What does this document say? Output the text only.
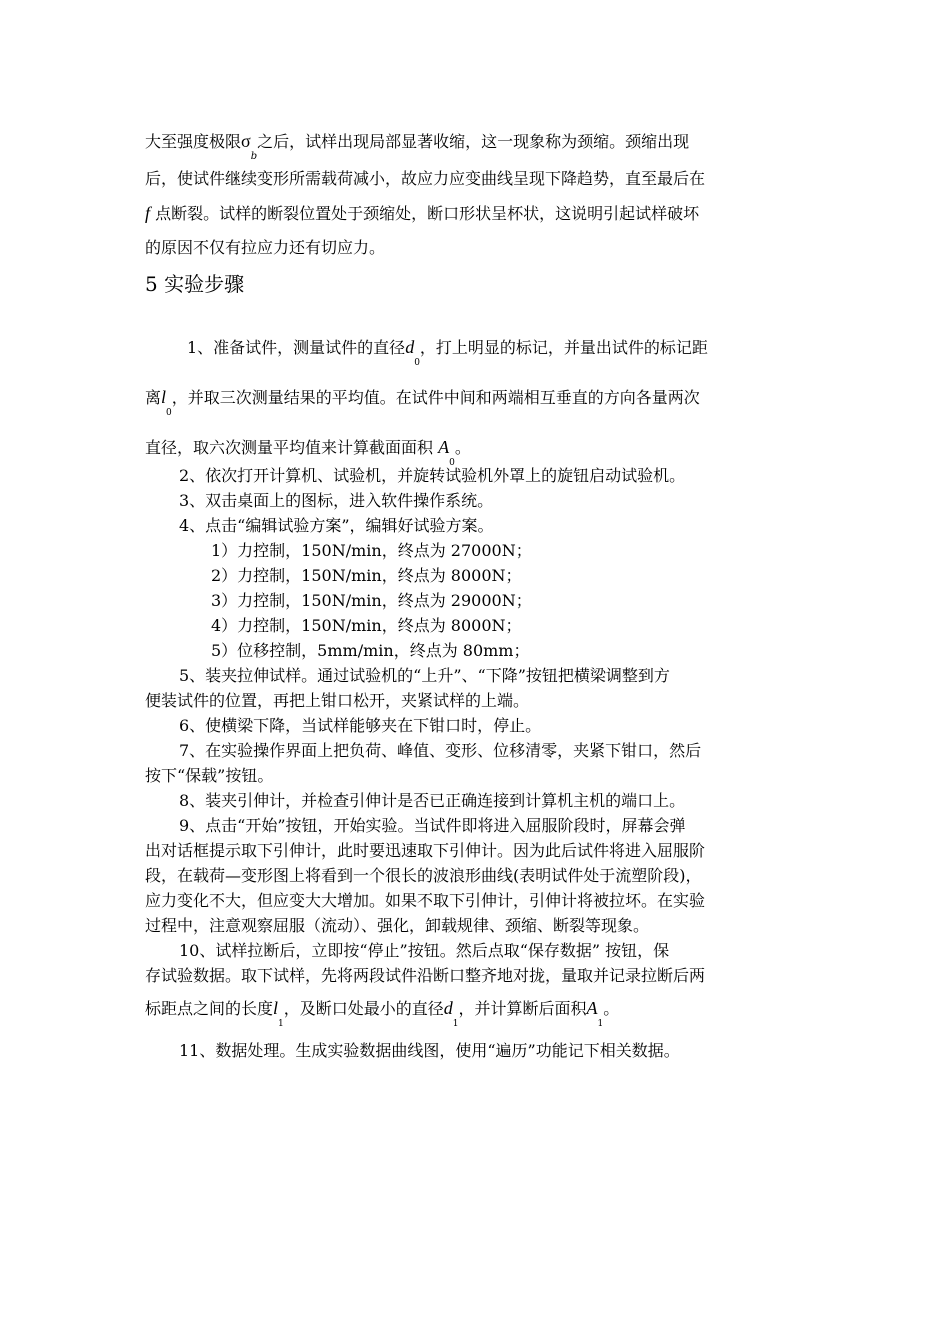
大至强度极限$\sigma_b$之后，试样出现局部显著收缩，这一现象称为颈缩。颈缩出现
后，使试件继续变形所需载荷减小，故应力应变曲线呈现下降趋势，直至最后在
f 点断裂。试样的断裂位置处于颈缩处，断口形状呈杯状，这说明引起试样破坏
的原因不仅有拉应力还有切应力。

5 实验步骤

1、准备试件，测量试件的直径$d_0$，打上明显的标记，并量出试件的标记距
离$l_0$，并取三次测量结果的平均值。在试件中间和两端相互垂直的方向各量两次
直径，取六次测量平均值来计算截面面积 $A_0$。

2、依次打开计算机、试验机，并旋转试验机外罩上的旋钮启动试验机。
3、双击桌面上的图标，进入软件操作系统。
4、点击“编辑试验方案”，编辑好试验方案。
1）力控制，150N/min，终点为 27000N；
2）力控制，150N/min，终点为 8000N；
3）力控制，150N/min，终点为 29000N；
4）力控制，150N/min，终点为 8000N；
5）位移控制，5mm/min，终点为 80mm；
5、装夹拉伸试样。通过试验机的“上升”、“下降”按钮把横梁调整到方
便装试件的位置，再把上钳口松开，夹紧试样的上端。
6、使横梁下降，当试样能够夹在下钳口时，停止。
7、在实验操作界面上把负荷、峰值、变形、位移清零，夹紧下钳口，然后
按下“保载”按钮。
8、装夹引伸计，并检查引伸计是否已正确连接到计算机主机的端口上。
9、点击“开始”按钮，开始实验。当试件即将进入屈服阶段时，屏幕会弹
出对话框提示取下引伸计，此时要迅速取下引伸计。因为此后试件将进入屈服阶
段，在载荷—变形图上将看到一个很长的波浪形曲线(表明试件处于流塑阶段)，
应力变化不大，但应变大大增加。如果不取下引伸计，引伸计将被拉坏。在实验
过程中，注意观察屈服（流动）、强化，卸载规律、颈缩、断裂等现象。
10、试样拉断后，立即按“停止”按钮。然后点取“保存数据” 按钮，保
存试验数据。取下试样，先将两段试件沿断口整齐地对拢，量取并记录拉断后两

标距点之间的长度$l_1$，及断口处最小的直径$d_1$，并计算断后面积$A_1$。

11、数据处理。生成实验数据曲线图，使用“遍历”功能记下相关数据。
